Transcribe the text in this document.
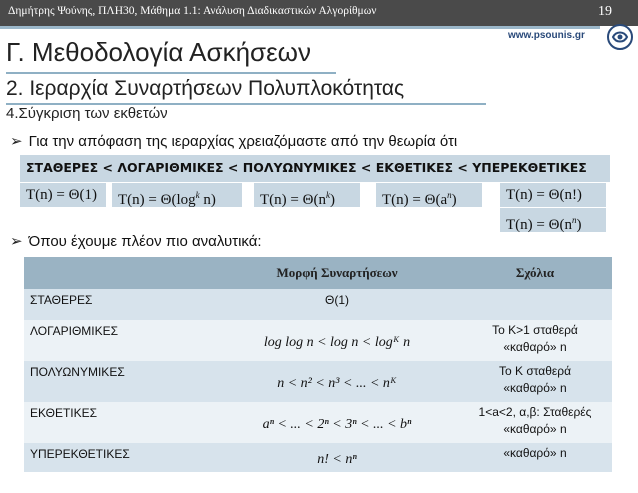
Δημήτρης Ψούνης, ΠΛΗ30, Μάθημα 1.1: Ανάλυση Διαδικαστικών Αλγορίθμων	19
www.psounis.gr
Γ. Μεθοδολογία Ασκήσεων
2. Ιεραρχία Συναρτήσεων Πολυπλοκότητας
4.Σύγκριση των εκθετών
➢ Για την απόφαση της ιεραρχίας χρειαζόμαστε από την θεωρία ότι
ΣΤΑΘΕΡΕΣ < ΛΟΓΑΡΙΘΜΙΚΕΣ < ΠΟΛΥΩΝΥΜΙΚΕΣ < ΕΚΘΕΤΙΚΕΣ < ΥΠΕΡΕΚΘΕΤΙΚΕΣ
T(n) = Θ(1)	$T(n) = \Theta(\log^k$ n)	$T(n) = \Theta(n^k)$	$T(n) = \Theta(a^n)$	T(n) = Θ(n!)
$T(n) = \Theta(n^n)$
➢ Όπου έχουμε πλέον πιο αναλυτικά:
	Μορφή Συναρτήσεων	Σχόλια
ΣΤΑΘΕΡΕΣ	Θ(1)	
ΛΟΓΑΡΙΘΜΙΚΕΣ	log log n < log n < logᴷ n	Το K>1 σταθερά
«καθαρό» n

ΠΟΛΥΩΝΥΜΙΚΕΣ	n < n² < n³ < ... < nᴷ	Το K σταθερά
«καθαρό» n

ΕΚΘΕΤΙΚΕΣ	aⁿ < ... < 2ⁿ < 3ⁿ < ... < bⁿ	1<a<2, α,β: Σταθερές
«καθαρό» n

ΥΠΕΡΕΚΘΕΤΙΚΕΣ	n! < nⁿ	«καθαρό» n
